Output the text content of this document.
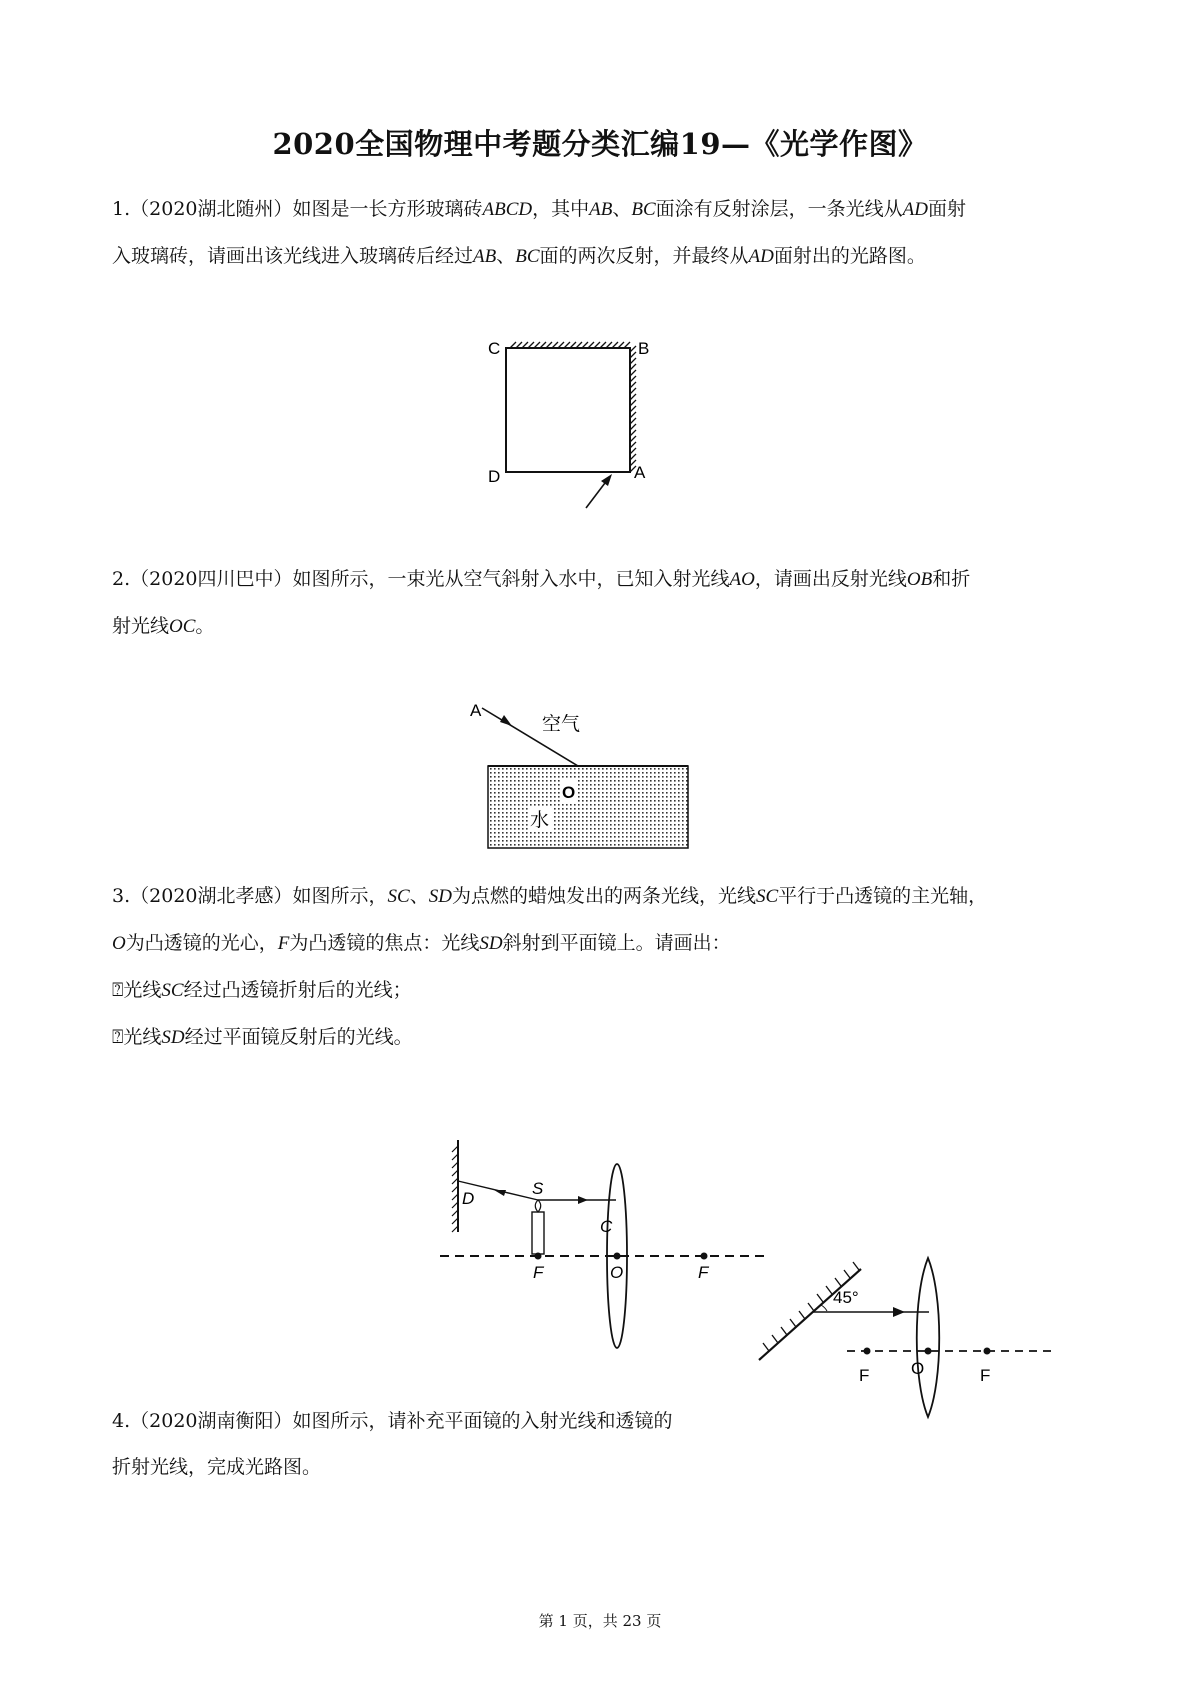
2020全国物理中考题分类汇编19—《光学作图》

1.（2020湖北随州）如图是一长方形玻璃砖ABCD，其中AB、BC面涂有反射涂层，一条光线从AD面射

入玻璃砖，请画出该光线进入玻璃砖后经过AB、BC面的两次反射，并最终从AD面射出的光路图。

C	B
D	A

2.（2020四川巴中）如图所示，一束光从空气斜射入水中，已知入射光线AO，请画出反射光线OB和折

射光线OC。

A
空气
O
水

3.（2020湖北孝感）如图所示，SC、SD为点燃的蜡烛发出的两条光线，光线SC平行于凸透镜的主光轴，

O为凸透镜的光心，F为凸透镜的焦点：光线SD斜射到平面镜上。请画出：

⍰光线SC经过凸透镜折射后的光线；

⍰光线SD经过平面镜反射后的光线。

D
S
C
F	O	F
45°
F O	F

4.（2020湖南衡阳）如图所示，请补充平面镜的入射光线和透镜的

折射光线，完成光路图。

第 1 页，共 23 页
